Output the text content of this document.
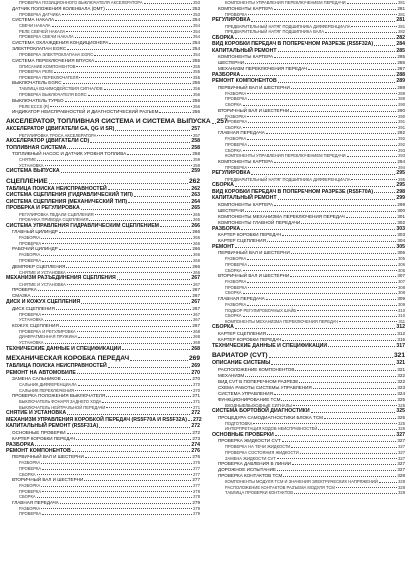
ПРОВЕРКА ПОЗИЦИОННОГО ВЫКЛЮЧАТЕЛЯ АКСЕЛЕРАТОРА	253
ДАТЧИК ПОЛОЖЕНИЯ КОЛЕНВАЛА (DMT)	253
ПРОВЕРКА ДАТЧИКА	253
СИСТЕМА НАКАЛА	254
СВЕЧИ НАКАЛА	254
РЕЛЕ СВЕЧЕЙ НАКАЛА	254
ПРОВЕРКА СВЕЧИ НАКАЛА	254
СИСТЕМА ОХЛАЖДЕНИЯ КОНДИЦИОНЕРА	254
ЭЛЕКТРОКЛАПАН EGRC	254
ПРОВЕРКА ЭЛЕКТРОКЛАПАНА EGRC	254
СИСТЕМА ПЕРЕКЛЮЧЕНИЯ ВПУСКА	255
ОПИСАНИЕ КОМПОНЕНТОВ	255
ПРОВЕРКА РЕЛЕ	255
ПРОВЕРКА ПЕРЕКЛЮЧАТЕЛЯ	255
ВЫКЛЮЧАТЕЛЬ EGRC	256
ТАБЛИЦА ВЗАИМОДЕЙСТВИЯ СИГНАЛОВ	256
ПРОВЕРКА ВЫКЛЮЧАТЕЛЯ EGRC	256
ВЫКЛЮЧАТЕЛЬ ТУРБО	256
РЕЛЕ ECCS (R)	256
ИНДИКАТОР НЕИСПРАВНОСТЕЙ И ДИАГНОСТИЧЕСКИЙ РАЗЪЕМ	256
АКСЕЛЕРАТОР, ТОПЛИВНАЯ СИСТЕМА И СИСТЕМА ВЫПУСКА 257
АКСЕЛЕРАТОР (ДВИГАТЕЛИ GA, QG И SR)	257
РЕГУЛИРОВКА ТРОСА АКСЕЛЕРАТОРА	257
АКСЕЛЕРАТОР (ДВИГАТЕЛИ CD)	258
ТОПЛИВНАЯ СИСТЕМА	258
ТОПЛИВНЫЙ НАСОС И ДАТЧИК УРОВНЯ ТОПЛИВА	258
СНЯТИЕ	259
УСТАНОВКА	259
СИСТЕМА ВЫПУСКА	259
СЦЕПЛЕНИЕ	262
ТАБЛИЦА ПОИСКА НЕИСПРАВНОСТЕЙ	262
СИСТЕМА СЦЕПЛЕНИЯ (ГИДРАВЛИЧЕСКИЙ ТИП)	263
СИСТЕМА СЦЕПЛЕНИЯ (МЕХАНИЧЕСКИЙ ТИП)	264
ПРОВЕРКА И РЕГУЛИРОВКА	265
РЕГУЛИРОВКА ПЕДАЛИ СЦЕПЛЕНИЯ	265
ПРОКАЧКА ПРИВОДА СЦЕПЛЕНИЯ	265
СИСТЕМА УПРАВЛЕНИЯ ГИДРАВЛИЧЕСКИМ СЦЕПЛЕНИЕМ	266
ГЛАВНЫЙ ЦИЛИНДР	266
РАЗБОРКА	266
ПРОВЕРКА	266
РАБОЧИЙ ЦИЛИНДР	266
РАЗБОРКА	266
ПРОВЕРКА	266
ДЕМПФЕР СЦЕПЛЕНИЯ	266
СНЯТИЕ И УСТАНОВКА	266
МЕХАНИЗМ РАЗЪЕДИНЕНИЯ СЦЕПЛЕНИЯ	267
СНЯТИЕ И УСТАНОВКА	267
ПРОВЕРКА	267
СМАЗКА	267
ДИСК И КОЖУХ СЦЕПЛЕНИЯ	267
ДИСК СЦЕПЛЕНИЯ	267
ПРОВЕРКА	267
УСТАНОВКА	267
КОЖУХ СЦЕПЛЕНИЯ	267
ПРОВЕРКА И РЕГУЛИРОВКА	268
ДИАФРАГМЕННАЯ ПРУЖИНА	268
УСТАНОВКА	268
ТЕХНИЧЕСКИЕ ДАННЫЕ И СПЕЦИФИКАЦИИ	268
МЕХАНИЧЕСКАЯ КОРОБКА ПЕРЕДАЧ	269
ТАБЛИЦА ПОИСКА НЕИСПРАВНОСТЕЙ	269
РЕМОНТ НА АВТОМОБИЛЕ	270
ЗАМЕНА САЛЬНИКОВ	270
САЛЬНИК ДИФФЕРЕНЦИАЛА	270
САЛЬНИК ПЕРЕКЛЮЧЕНИЯ	270
ПРОВЕРКА ПОЛОЖЕНИЯ ВЫКЛЮЧАТЕЛЯ	271
ВЫКЛЮЧАТЕЛЬ ФОНАРЯ ЗАДНЕГО ХОДА	271
ВЫКЛЮЧАТЕЛЬ НЕЙТРАЛЬНОЙ ПЕРЕДАЧИ	271
СНЯТИЕ И УСТАНОВКА	272
МЕХАНИЗМ УПРАВЛЕНИЯ КОРОБКОЙ ПЕРЕДАЧ (RS5F70A И RS5F32A) 272
КАПИТАЛЬНЫЙ РЕМОНТ (RS5F31A)	272
ОСНОВНЫЕ ПРОВЕРКИ	272
КАРТЕР КОРОБКИ ПЕРЕДАЧ	273
РАЗБОРКА	274
РЕМОНТ КОМПОНЕНТОВ	276
ПЕРВИЧНЫЙ ВАЛ И ШЕСТЕРНИ	276
РАЗБОРКА	276
ПРОВЕРКА	277
СБОРКА	277
ВТОРИЧНЫЙ ВАЛ И ШЕСТЕРНИ	277
РАЗБОРКА	277
ПРОВЕРКА	278
СБОРКА	278
ГЛАВНАЯ ПЕРЕДАЧА	279
РАЗБОРКА	279
ПРОВЕРКА	279
КОМПОНЕНТЫ УПРАВЛЕНИЯ ПЕРЕКЛЮЧЕНИЕМ ПЕРЕДАЧИ	281
КОМПОНЕНТЫ КАРТЕРА	281
ПРОВЕРКА	281
РЕГУЛИРОВКА	281
ПРЕДВАРИТЕЛЬНЫЙ НАТЯГ ПОДШИПНИКА ДИФФЕРЕНЦИАЛА	281
ПРЕДВАРИТЕЛЬНЫЙ НАТЯГ ПОДШИПНИКА ВАЛА	282
СБОРКА	282
ВИД КОРОБКИ ПЕРЕДАЧ В ПОПЕРЕЧНОМ РАЗРЕЗЕ (RS5F32A)	284
КАПИТАЛЬНЫЙ РЕМОНТ	285
КОМПОНЕНТЫ КАРТЕРА	285
ШЕСТЕРНИ	285
МЕХАНИЗМ ПЕРЕКЛЮЧЕНИЯ ПЕРЕДАЧ	287
РАЗБОРКА	288
РЕМОНТ КОМПОНЕНТОВ	289
ПЕРВИЧНЫЙ ВАЛ И ШЕСТЕРНИ	289
РАЗБОРКА	289
ПРОВЕРКА	289
СБОРКА	290
ВТОРИЧНЫЙ ВАЛ И ШЕСТЕРНИ	290
РАЗБОРКА	290
ПРОВЕРКА	291
СБОРКА	291
ГЛАВНАЯ ПЕРЕДАЧА	292
РАЗБОРКА	292
ПРОВЕРКА	292
СБОРКА	293
КОМПОНЕНТЫ УПРАВЛЕНИЯ ПЕРЕКЛЮЧЕНИЕМ ПЕРЕДАЧИ	293
КОМПОНЕНТЫ КАРТЕРА	294
ПРОВЕРКА	294
РЕГУЛИРОВКА	295
ПРЕДВАРИТЕЛЬНЫЙ НАТЯГ ПОДШИПНИКА ДИФФЕРЕНЦИАЛА	295
СБОРКА	295
ВИД КОРОБКИ ПЕРЕДАЧ В ПОПЕРЕЧНОМ РАЗРЕЗЕ (RS5F70A)	298
КАПИТАЛЬНЫЙ РЕМОНТ	299
КОМПОНЕНТЫ КАРТЕРА	299
ШЕСТЕРНИ	300
КОМПОНЕНТЫ МЕХАНИЗМА ПЕРЕКЛЮЧЕНИЯ ПЕРЕДАЧ	301
КОМПОНЕНТЫ ГЛАВНОЙ ПЕРЕДАЧИ	302
РАЗБОРКА	303
КАРТЕР КОРОБКИ ПЕРЕДАЧ	303
КАРТЕР СЦЕПЛЕНИЯ	304
РЕМОНТ	305
ПЕРВИЧНЫЙ ВАЛ И ШЕСТЕРНИ	305
РАЗБОРКА	305
ПРОВЕРКА	306
СБОРКА	306
ВТОРИЧНЫЙ ВАЛ И ШЕСТЕРНИ	307
РАЗБОРКА	307
ПРОВЕРКА	308
СБОРКА	308
ГЛАВНАЯ ПЕРЕДАЧА	309
РАЗБОРКА	309
ПОДБОР РЕГУЛИРОВОЧНЫХ ШАЙБ	310
СБОРКА	310
КОМПОНЕНТЫ МЕХАНИЗМА ПЕРЕКЛЮЧЕНИЯ ПЕРЕДАЧ	311
СБОРКА	312
КАРТЕР СЦЕПЛЕНИЯ	312
КАРТЕР КОРОБКИ ПЕРЕДАЧ	315
ТЕХНИЧЕСКИЕ ДАННЫЕ И СПЕЦИФИКАЦИИ	317
ВАРИАТОР (CVT)	321
ОПИСАНИЕ СИСТЕМЫ	321
РАСПОЛОЖЕНИЕ КОМПОНЕНТОВ	321
МЕХАНИЗМ	322
ВИД CVT В ПОПЕРЕЧНОМ РАЗРЕЗЕ	322
СХЕМА РАБОТЫ СИСТЕМЫ УПРАВЛЕНИЯ	323
СИСТЕМА УПРАВЛЕНИЯ	324
ФУНКЦИОНИРОВАНИЕ ТСМ	325
ВХОДНЫЕ/ВЫХОДНЫЕ СИГНАЛЫ	325
СИСТЕМА БОРТОВОЙ ДИАГНОСТИКИ	325
ПРОЦЕДУРА САМОДИАГНОСТИКИ БЛОКА ТСМ	325
ПОДГОТОВКА	325
ИНТЕРПРЕТАЦИЯ КОДОВ НЕИСПРАВНОСТЕЙ	326
ОСНОВНЫЕ ПРОВЕРКИ	327
ПРОВЕРКА ЖИДКОСТИ CVT	327
ПРОВЕРКА НА ТЕЧИ ЖИДКОСТИ	327
ПРОВЕРКА СОСТОЯНИЯ ЖИДКОСТИ	327
ЗАМЕНА ЖИДКОСТИ CVT	327
ПРОВЕРКА ДАВЛЕНИЯ В ЛИНИИ	327
ДОРОЖНОЕ ИСПЫТАНИЕ	327
ПРОВЕРКА КОНТАКТОВ ТСМ	328
КОМПОНЕНТЫ МОДУЛЯ ТСМ И ЗНАЧЕНИЯ ЭЛЕКТРИЧЕСКИХ НАПРЯЖЕНИЙ	328
РАСПОЛОЖЕНИЕ КОНТАКТОВ РАЗЪЕМА МОДУЛЯ ТСМ	328
ТАБЛИЦА ПРОВЕРКИ КОНТАКТОВ	328
